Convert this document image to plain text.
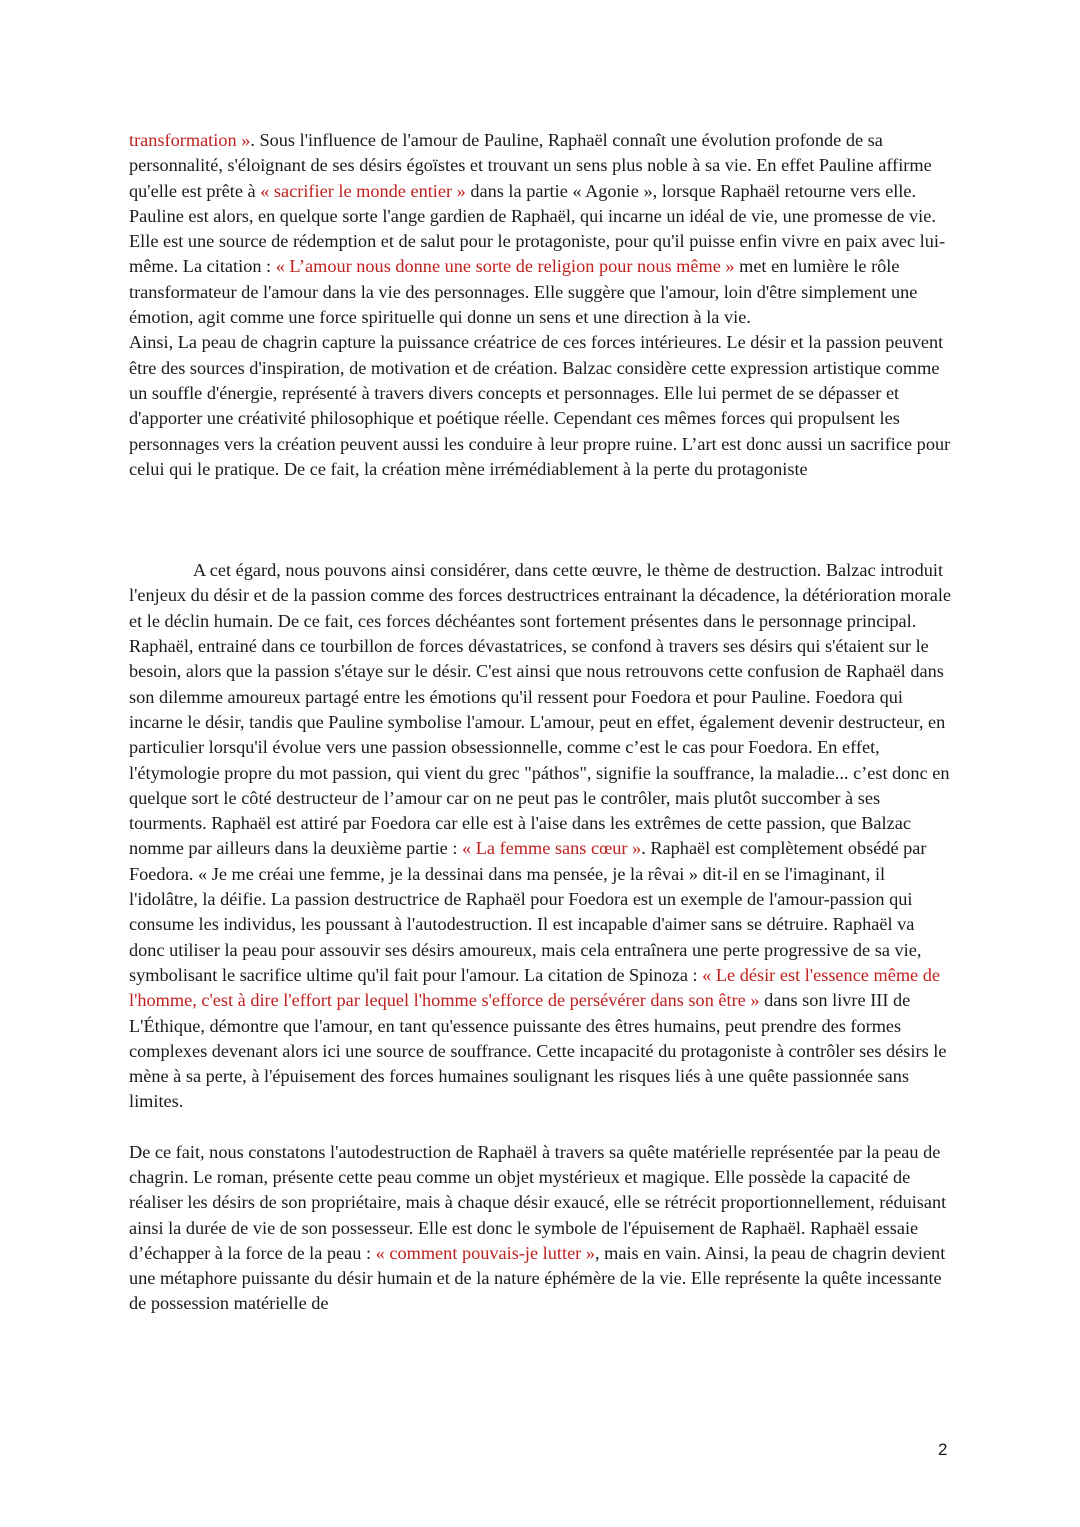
transformation ». Sous l'influence de l'amour de Pauline, Raphaël connaît une évolution profonde de sa personnalité, s'éloignant de ses désirs égoïstes et trouvant un sens plus noble à sa vie. En effet Pauline affirme qu'elle est prête à « sacrifier le monde entier » dans la partie « Agonie », lorsque Raphaël retourne vers elle. Pauline est alors, en quelque sorte l'ange gardien de Raphaël, qui incarne un idéal de vie, une promesse de vie. Elle est une source de rédemption et de salut pour le protagoniste, pour qu'il puisse enfin vivre en paix avec lui-même. La citation : « L’amour nous donne une sorte de religion pour nous même » met en lumière le rôle transformateur de l'amour dans la vie des personnages. Elle suggère que l'amour, loin d'être simplement une émotion, agit comme une force spirituelle qui donne un sens et une direction à la vie.

Ainsi, La peau de chagrin capture la puissance créatrice de ces forces intérieures. Le désir et la passion peuvent être des sources d'inspiration, de motivation et de création. Balzac considère cette expression artistique comme un souffle d'énergie, représenté à travers divers concepts et personnages. Elle lui permet de se dépasser et d'apporter une créativité philosophique et poétique réelle. Cependant ces mêmes forces qui propulsent les personnages vers la création peuvent aussi les conduire à leur propre ruine. L’art est donc aussi un sacrifice pour celui qui le pratique. De ce fait, la création mène irrémédiablement à la perte du protagoniste

A cet égard, nous pouvons ainsi considérer, dans cette œuvre, le thème de destruction. Balzac introduit l'enjeux du désir et de la passion comme des forces destructrices entrainant la décadence, la détérioration morale et le déclin humain. De ce fait, ces forces déchéantes sont fortement présentes dans le personnage principal. Raphaël, entrainé dans ce tourbillon de forces dévastatrices, se confond à travers ses désirs qui s'étaient sur le besoin, alors que la passion s'étaye sur le désir. C'est ainsi que nous retrouvons cette confusion de Raphaël dans son dilemme amoureux partagé entre les émotions qu'il ressent pour Foedora et pour Pauline. Foedora qui incarne le désir, tandis que Pauline symbolise l'amour. L'amour, peut en effet, également devenir destructeur, en particulier lorsqu'il évolue vers une passion obsessionnelle, comme c’est le cas pour Foedora. En effet, l'étymologie propre du mot passion, qui vient du grec "páthos", signifie la souffrance, la maladie... c’est donc en quelque sort le côté destructeur de l’amour car on ne peut pas le contrôler, mais plutôt succomber à ses tourments. Raphaël est attiré par Foedora car elle est à l'aise dans les extrêmes de cette passion, que Balzac nomme par ailleurs dans la deuxième partie : « La femme sans cœur ». Raphaël est complètement obsédé par Foedora. « Je me créai une femme, je la dessinai dans ma pensée, je la rêvai » dit-il en se l'imaginant, il l'idolâtre, la déifie. La passion destructrice de Raphaël pour Foedora est un exemple de l'amour-passion qui consume les individus, les poussant à l'autodestruction. Il est incapable d'aimer sans se détruire. Raphaël va donc utiliser la peau pour assouvir ses désirs amoureux, mais cela entraînera une perte progressive de sa vie, symbolisant le sacrifice ultime qu'il fait pour l'amour. La citation de Spinoza : « Le désir est l'essence même de l'homme, c'est à dire l'effort par lequel l'homme s'efforce de persévérer dans son être » dans son livre III de L'Éthique, démontre que l'amour, en tant qu'essence puissante des êtres humains, peut prendre des formes complexes devenant alors ici une source de souffrance. Cette incapacité du protagoniste à contrôler ses désirs le mène à sa perte, à l'épuisement des forces humaines soulignant les risques liés à une quête passionnée sans limites.

De ce fait, nous constatons l'autodestruction de Raphaël à travers sa quête matérielle représentée par la peau de chagrin. Le roman, présente cette peau comme un objet mystérieux et magique. Elle possède la capacité de réaliser les désirs de son propriétaire, mais à chaque désir exaucé, elle se rétrécit proportionnellement, réduisant ainsi la durée de vie de son possesseur. Elle est donc le symbole de l'épuisement de Raphaël. Raphaël essaie d’échapper à la force de la peau : « comment pouvais-je lutter », mais en vain. Ainsi, la peau de chagrin devient une métaphore puissante du désir humain et de la nature éphémère de la vie. Elle représente la quête incessante de possession matérielle de

2
